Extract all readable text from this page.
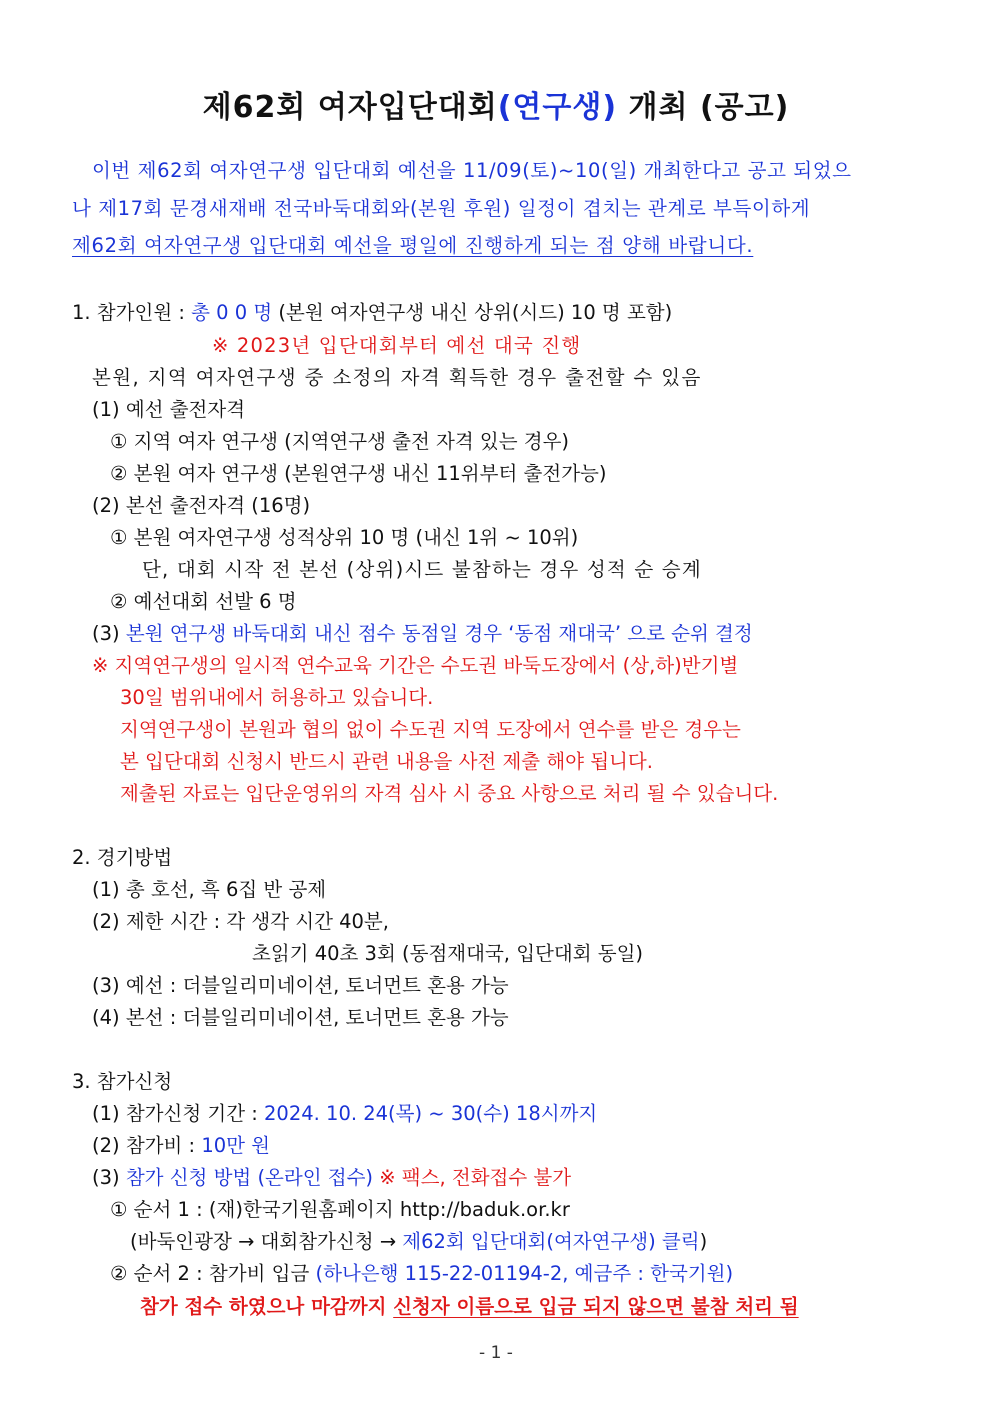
제62회 여자입단대회(연구생) 개최 (공고)
이번 제62회 여자연구생 입단대회 예선을 11/09(토)~10(일) 개최한다고 공고 되었으
나 제17회 문경새재배 전국바둑대회와(본원 후원) 일정이 겹치는 관계로 부득이하게
제62회 여자연구생 입단대회 예선을 평일에 진행하게 되는 점 양해 바랍니다.
1. 참가인원 : 총 0 0 명 (본원 여자연구생 내신 상위(시드) 10 명 포함)
※ 2023년 입단대회부터 예선 대국 진행
본원, 지역 여자연구생 중 소정의 자격 획득한 경우 출전할 수 있음
(1) 예선 출전자격
① 지역 여자 연구생 (지역연구생 출전 자격 있는 경우)
② 본원 여자 연구생 (본원연구생 내신 11위부터 출전가능)
(2) 본선 출전자격 (16명)
① 본원 여자연구생 성적상위 10 명 (내신 1위 ~ 10위)
단, 대회 시작 전 본선 (상위)시드 불참하는 경우 성적 순 승계
② 예선대회 선발 6 명
(3) 본원 연구생 바둑대회 내신 점수 동점일 경우 ‘동점 재대국’ 으로 순위 결정
※ 지역연구생의 일시적 연수교육 기간은 수도권 바둑도장에서 (상,하)반기별
30일 범위내에서 허용하고 있습니다.
지역연구생이 본원과 협의 없이 수도권 지역 도장에서 연수를 받은 경우는
본 입단대회 신청시 반드시 관련 내용을 사전 제출 해야 됩니다.
제출된 자료는 입단운영위의 자격 심사 시 중요 사항으로 처리 될 수 있습니다.
2. 경기방법
(1) 총 호선, 흑 6집 반 공제
(2) 제한 시간 : 각 생각 시간 40분,
초읽기 40초 3회 (동점재대국, 입단대회 동일)
(3) 예선 : 더블일리미네이션, 토너먼트 혼용 가능
(4) 본선 : 더블일리미네이션, 토너먼트 혼용 가능
3. 참가신청
(1) 참가신청 기간 : 2024. 10. 24(목) ~ 30(수) 18시까지
(2) 참가비 : 10만 원
(3) 참가 신청 방법 (온라인 접수) ※ 팩스, 전화접수 불가
① 순서 1 : (재)한국기원홈페이지 http://baduk.or.kr
(바둑인광장 → 대회참가신청 → 제62회 입단대회(여자연구생) 클릭)
② 순서 2 : 참가비 입금 (하나은행 115-22-01194-2, 예금주 : 한국기원)
참가 접수 하였으나 마감까지 신청자 이름으로 입금 되지 않으면 불참 처리 됨
- 1 -
